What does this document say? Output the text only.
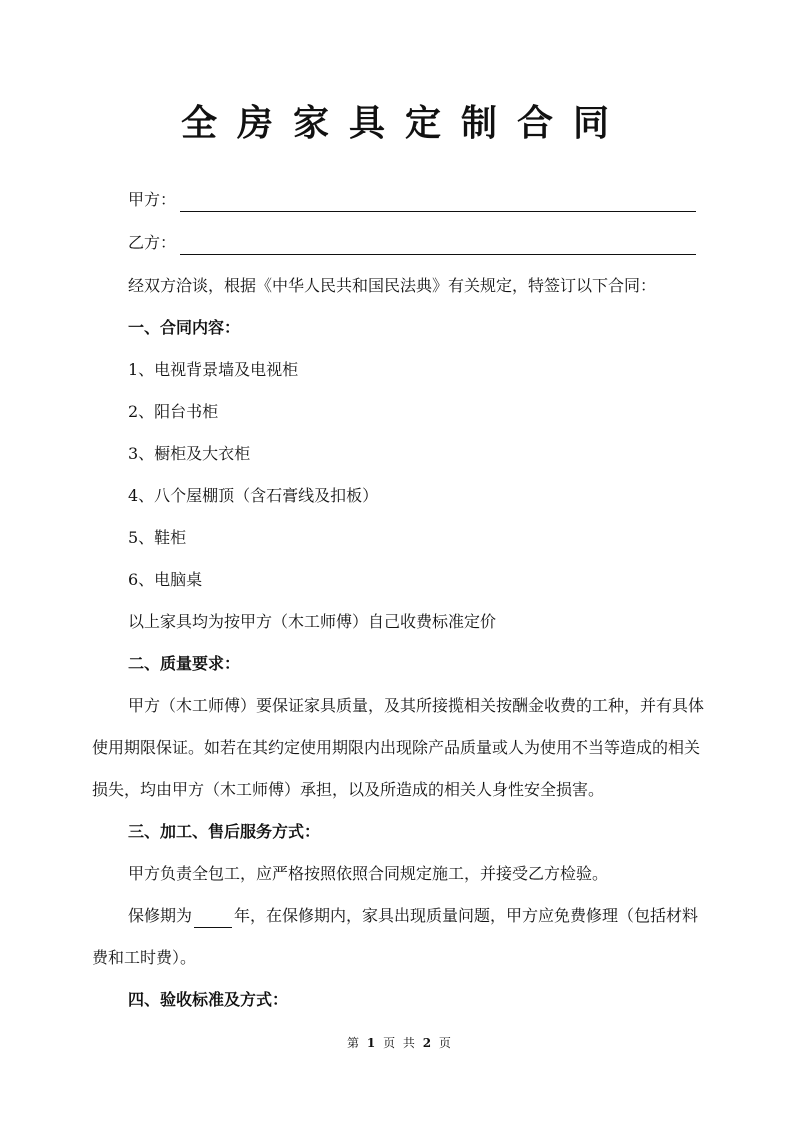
全房家具定制合同
甲方：
乙方：
经双方洽谈，根据《中华人民共和国民法典》有关规定，特签订以下合同：
一、合同内容：
1、电视背景墙及电视柜
2、阳台书柜
3、橱柜及大衣柜
4、八个屋棚顶（含石膏线及扣板）
5、鞋柜
6、电脑桌
以上家具均为按甲方（木工师傅）自己收费标准定价
二、质量要求：
甲方（木工师傅）要保证家具质量，及其所接揽相关按酬金收费的工种，并有具体
使用期限保证。如若在其约定使用期限内出现除产品质量或人为使用不当等造成的相关
损失，均由甲方（木工师傅）承担，以及所造成的相关人身性安全损害。
三、加工、售后服务方式：
甲方负责全包工，应严格按照依照合同规定施工，并接受乙方检验。
保修期为	年，在保修期内，家具出现质量问题，甲方应免费修理（包括材料
费和工时费）。
四、验收标准及方式：
第 1 页 共 2 页
